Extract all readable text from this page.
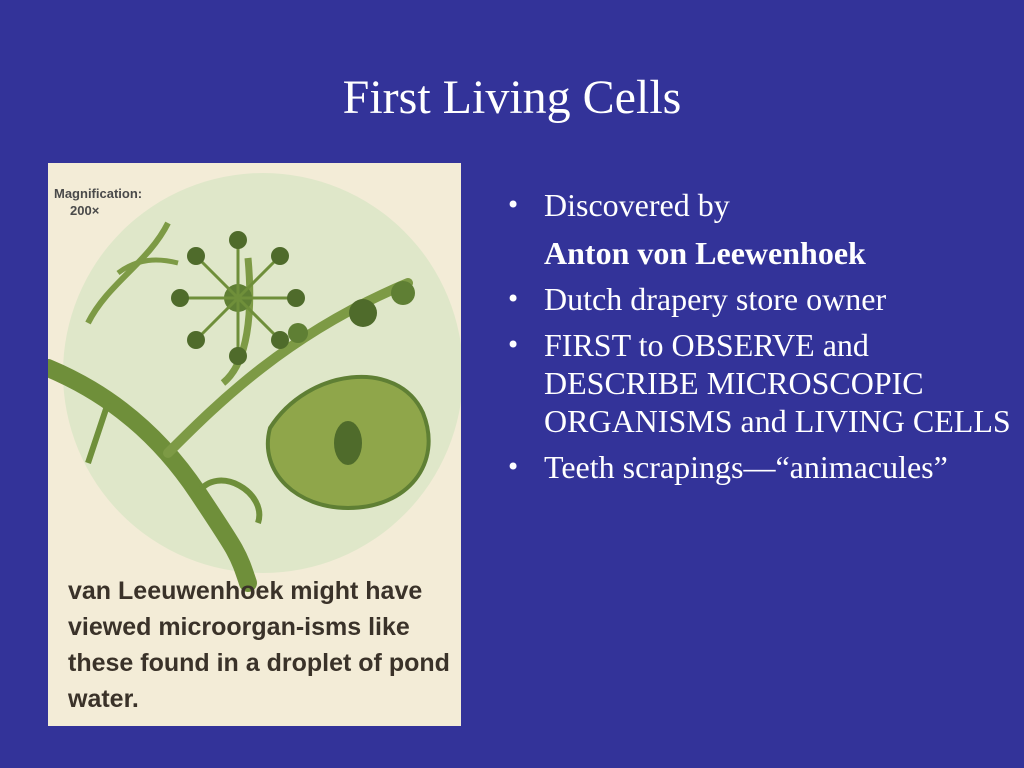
First Living Cells
Magnification:
200×
van Leeuwenhoek might have viewed microorgan-isms like these found in a droplet of pond water.
• Discovered by
Anton von Leewenhoek
• Dutch drapery store owner
• FIRST to OBSERVE and DESCRIBE MICROSCOPIC ORGANISMS and LIVING CELLS
• Teeth scrapings—“animacules”
